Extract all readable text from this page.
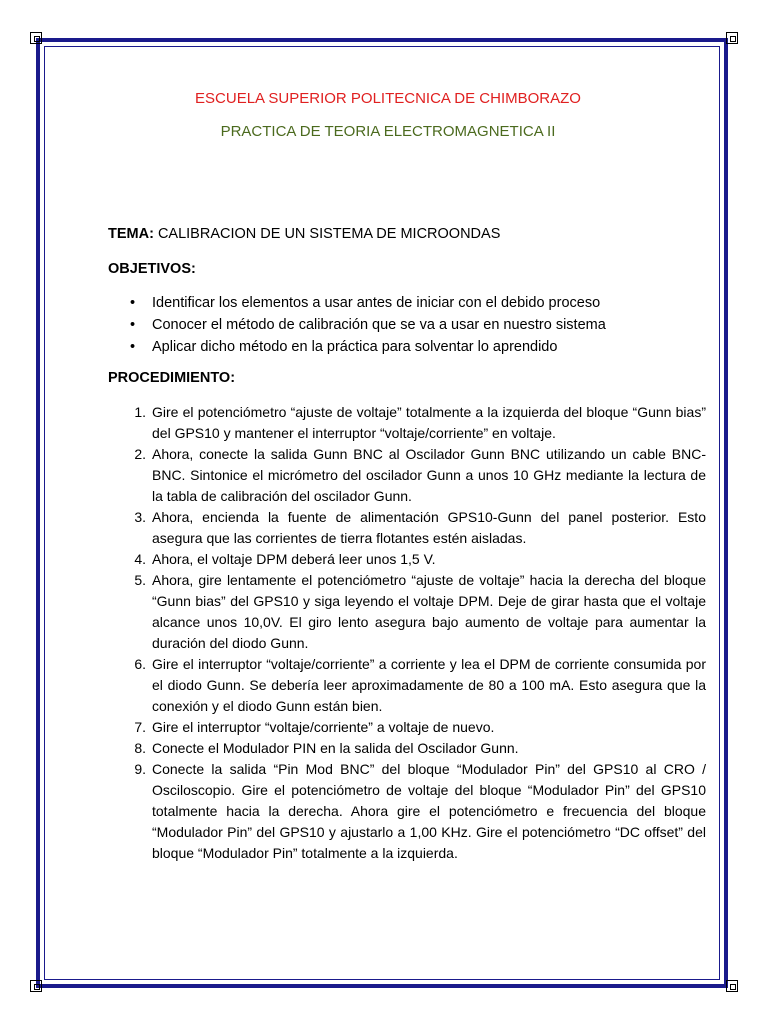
ESCUELA SUPERIOR POLITECNICA DE CHIMBORAZO
PRACTICA DE TEORIA ELECTROMAGNETICA II
TEMA: CALIBRACION DE UN SISTEMA DE MICROONDAS
OBJETIVOS:
• Identificar los elementos a usar antes de iniciar con el debido proceso
• Conocer el método de calibración que se va a usar en nuestro sistema
• Aplicar dicho método en la práctica para solventar lo aprendido
PROCEDIMIENTO:
1. Gire el potenciómetro “ajuste de voltaje” totalmente a la izquierda del bloque “Gunn bias” del GPS10 y mantener el interruptor “voltaje/corriente” en voltaje.
2. Ahora, conecte la salida Gunn BNC al Oscilador Gunn BNC utilizando un cable BNC-BNC. Sintonice el micrómetro del oscilador Gunn a unos 10 GHz mediante la lectura de la tabla de calibración del oscilador Gunn.
3. Ahora, encienda la fuente de alimentación GPS10-Gunn del panel posterior. Esto asegura que las corrientes de tierra flotantes estén aisladas.
4. Ahora, el voltaje DPM deberá leer unos 1,5 V.
5. Ahora, gire lentamente el potenciómetro “ajuste de voltaje” hacia la derecha del bloque “Gunn bias” del GPS10 y siga leyendo el voltaje DPM. Deje de girar hasta que el voltaje alcance unos 10,0V. El giro lento asegura bajo aumento de voltaje para aumentar la duración del diodo Gunn.
6. Gire el interruptor “voltaje/corriente” a corriente y lea el DPM de corriente consumida por el diodo Gunn. Se debería leer aproximadamente de 80 a 100 mA. Esto asegura que la conexión y el diodo Gunn están bien.
7. Gire el interruptor “voltaje/corriente” a voltaje de nuevo.
8. Conecte el Modulador PIN en la salida del Oscilador Gunn.
9. Conecte la salida “Pin Mod BNC” del bloque “Modulador Pin” del GPS10 al CRO / Osciloscopio. Gire el potenciómetro de voltaje del bloque “Modulador Pin” del GPS10 totalmente hacia la derecha. Ahora gire el potenciómetro e frecuencia del bloque “Modulador Pin” del GPS10 y ajustarlo a 1,00 KHz. Gire el potenciómetro “DC offset” del bloque “Modulador Pin” totalmente a la izquierda.
